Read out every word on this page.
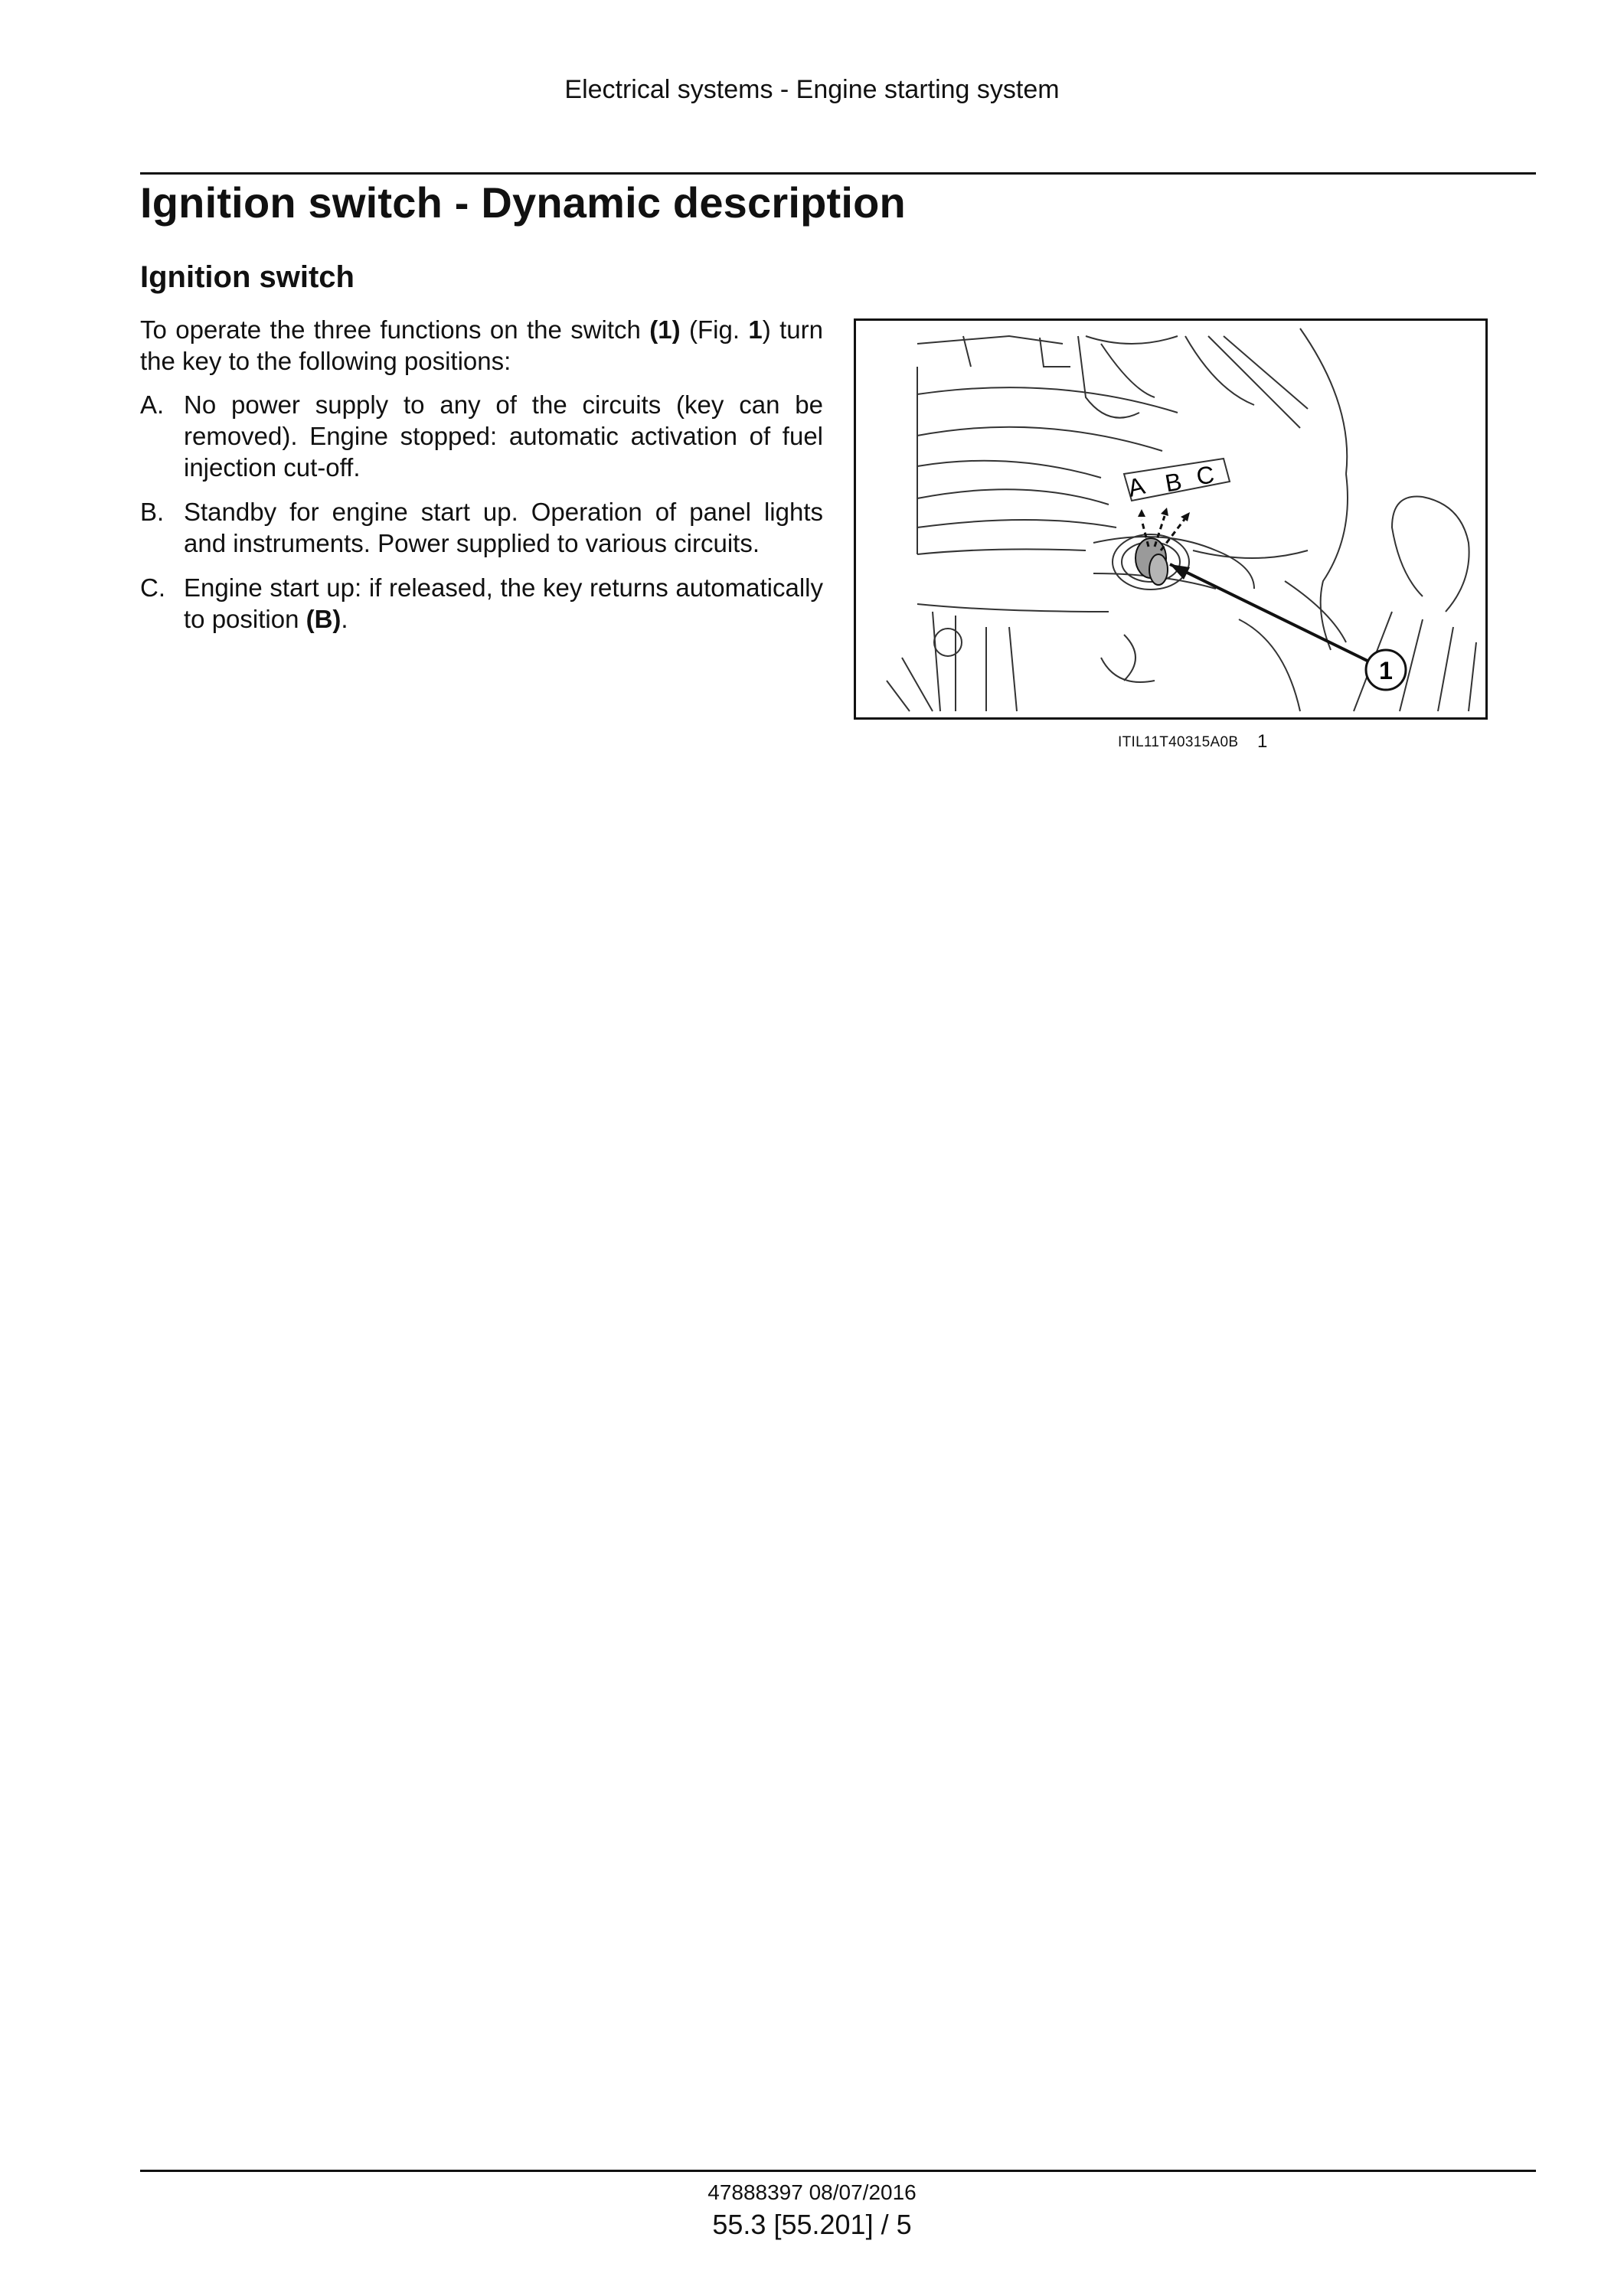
Electrical systems - Engine starting system
Ignition switch - Dynamic description
Ignition switch
To operate the three functions on the switch (1) (Fig. 1) turn the key to the following positions:
A. No power supply to any of the circuits (key can be removed). Engine stopped: automatic activation of fuel injection cut-off.
B. Standby for engine start up. Operation of panel lights and instruments. Power supplied to various circuits.
C. Engine start up: if released, the key returns automatically to position (B).
A B C
1
ITIL11T40315A0B 1
47888397 08/07/2016
55.3 [55.201] / 5
